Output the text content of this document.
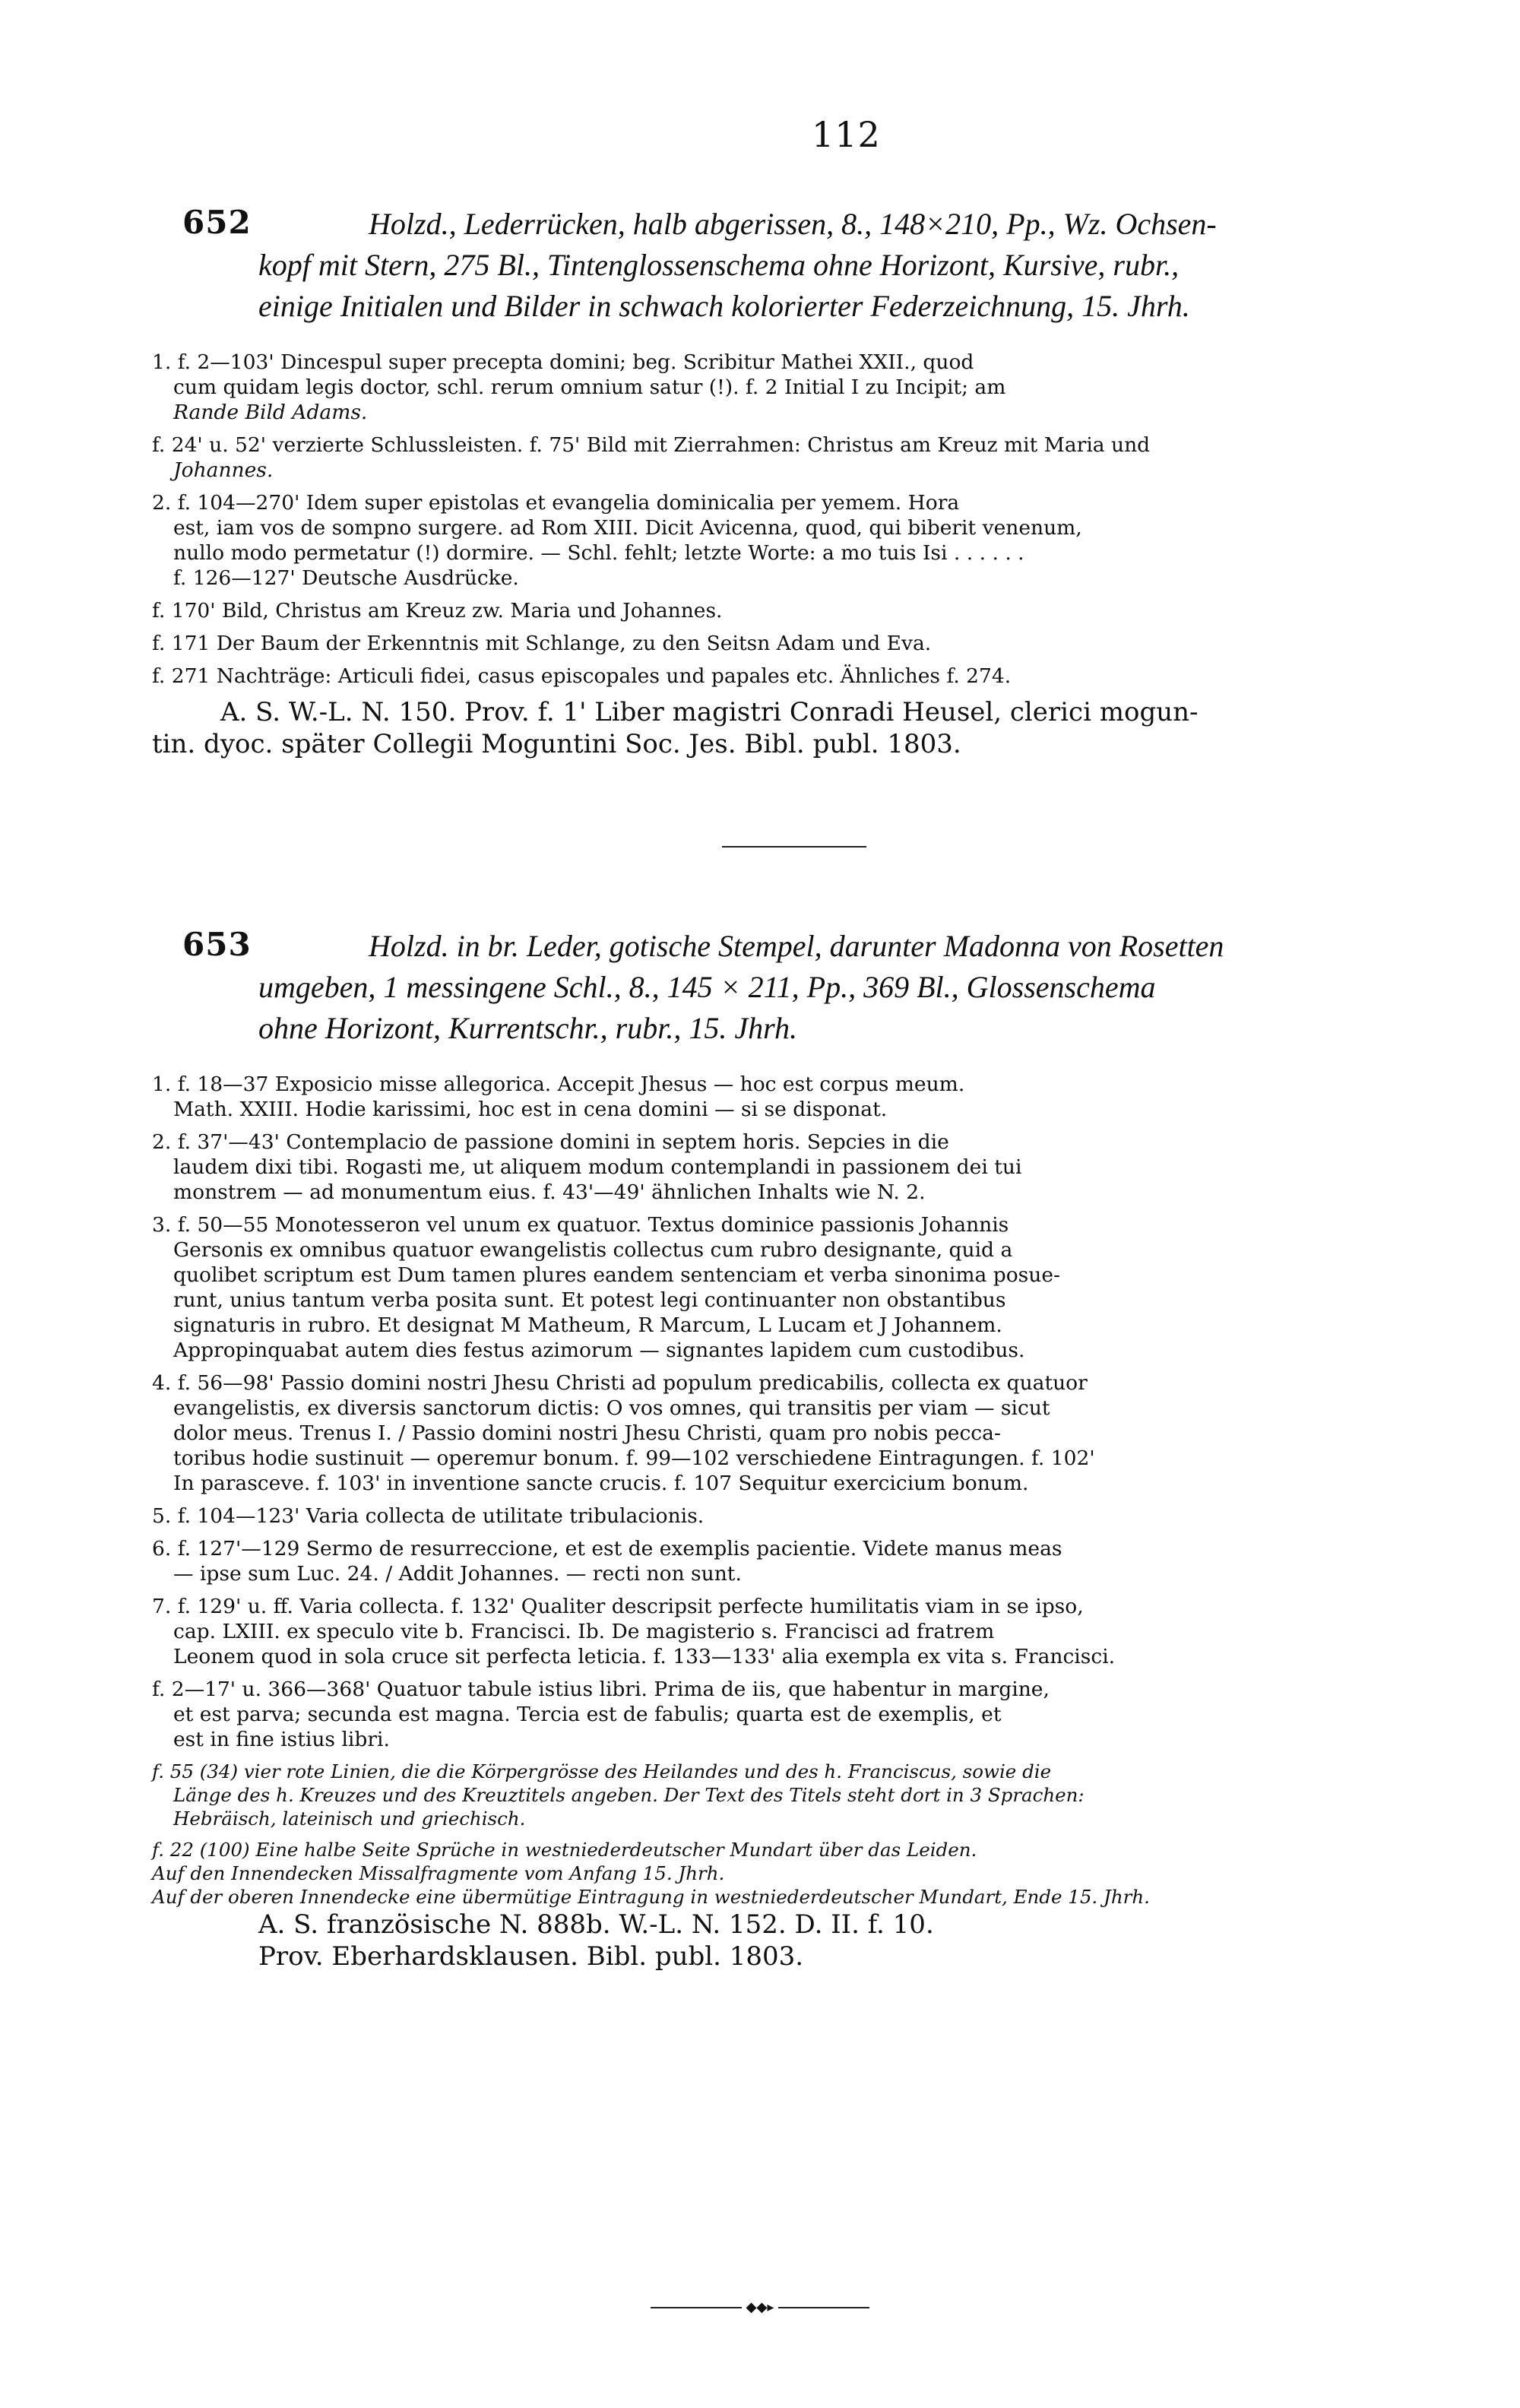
112
652	Holzd., Lederrücken, halb abgerissen, 8., 148×210, Pp., Wz. Ochsen-
kopf mit Stern, 275 Bl., Tintenglossenschema ohne Horizont, Kursive, rubr.,
einige Initialen und Bilder in schwach kolorierter Federzeichnung, 15. Jhrh.
1. f. 2—103' Dincespul super precepta domini; beg. Scribitur Mathei XXII., quod
cum quidam legis doctor, schl. rerum omnium satur (!). f. 2 Initial I zu Incipit; am
Rande Bild Adams.
f. 24' u. 52' verzierte Schlussleisten. f. 75' Bild mit Zierrahmen: Christus am Kreuz mit Maria und
Johannes.
2. f. 104—270' Idem super epistolas et evangelia dominicalia per yemem. Hora
est, iam vos de sompno surgere. ad Rom XIII. Dicit Avicenna, quod, qui biberit venenum,
nullo modo permetatur (!) dormire. — Schl. fehlt; letzte Worte: a mo tuis Isi . . . . . .
f. 126—127' Deutsche Ausdrücke.
f. 170' Bild, Christus am Kreuz zw. Maria und Johannes.
f. 171 Der Baum der Erkenntnis mit Schlange, zu den Seitsn Adam und Eva.
f. 271 Nachträge: Articuli fidei, casus episcopales und papales etc. Ähnliches f. 274.
A. S. W.-L. N. 150. Prov. f. 1' Liber magistri Conradi Heusel, clerici mogun-
tin. dyoc. später Collegii Moguntini Soc. Jes. Bibl. publ. 1803.
653	Holzd. in br. Leder, gotische Stempel, darunter Madonna von Rosetten
umgeben, 1 messingene Schl., 8., 145 × 211, Pp., 369 Bl., Glossenschema
ohne Horizont, Kurrentschr., rubr., 15. Jhrh.
1. f. 18—37 Exposicio misse allegorica. Accepit Jhesus — hoc est corpus meum.
Math. XXIII. Hodie karissimi, hoc est in cena domini — si se disponat.
2. f. 37'—43' Contemplacio de passione domini in septem horis. Sepcies in die
laudem dixi tibi. Rogasti me, ut aliquem modum contemplandi in passionem dei tui
monstrem — ad monumentum eius. f. 43'—49' ähnlichen Inhalts wie N. 2.
3. f. 50—55 Monotesseron vel unum ex quatuor. Textus dominice passionis Johannis
Gersonis ex omnibus quatuor ewangelistis collectus cum rubro designante, quid a
quolibet scriptum est Dum tamen plures eandem sentenciam et verba sinonima posue-
runt, unius tantum verba posita sunt. Et potest legi continuanter non obstantibus
signaturis in rubro. Et designat M Matheum, R Marcum, L Lucam et J Johannem.
Appropinquabat autem dies festus azimorum — signantes lapidem cum custodibus.
4. f. 56—98' Passio domini nostri Jhesu Christi ad populum predicabilis, collecta ex quatuor
evangelistis, ex diversis sanctorum dictis: O vos omnes, qui transitis per viam — sicut
dolor meus. Trenus I. / Passio domini nostri Jhesu Christi, quam pro nobis pecca-
toribus hodie sustinuit — operemur bonum. f. 99—102 verschiedene Eintragungen. f. 102'
In parasceve. f. 103' in inventione sancte crucis. f. 107 Sequitur exercicium bonum.
5. f. 104—123' Varia collecta de utilitate tribulacionis.
6. f. 127'—129 Sermo de resurreccione, et est de exemplis pacientie. Videte manus meas
— ipse sum Luc. 24. / Addit Johannes. — recti non sunt.
7. f. 129' u. ff. Varia collecta. f. 132' Qualiter descripsit perfecte humilitatis viam in se ipso,
cap. LXIII. ex speculo vite b. Francisci. Ib. De magisterio s. Francisci ad fratrem
Leonem quod in sola cruce sit perfecta leticia. f. 133—133' alia exempla ex vita s. Francisci.
f. 2—17' u. 366—368' Quatuor tabule istius libri. Prima de iis, que habentur in margine,
et est parva; secunda est magna. Tercia est de fabulis; quarta est de exemplis, et
est in fine istius libri.
f. 55 (34) vier rote Linien, die die Körpergrösse des Heilandes und des h. Franciscus, sowie die
Länge des h. Kreuzes und des Kreuztitels angeben. Der Text des Titels steht dort in 3 Sprachen:
Hebräisch, lateinisch und griechisch.
f. 22 (100) Eine halbe Seite Sprüche in westniederdeutscher Mundart über das Leiden.
Auf den Innendecken Missalfragmente vom Anfang 15. Jhrh.
Auf der oberen Innendecke eine übermütige Eintragung in westniederdeutscher Mundart, Ende 15. Jhrh.
A. S. französische N. 888b. W.-L. N. 152. D. II. f. 10.
Prov. Eberhardsklausen. Bibl. publ. 1803.
◆◆▸
